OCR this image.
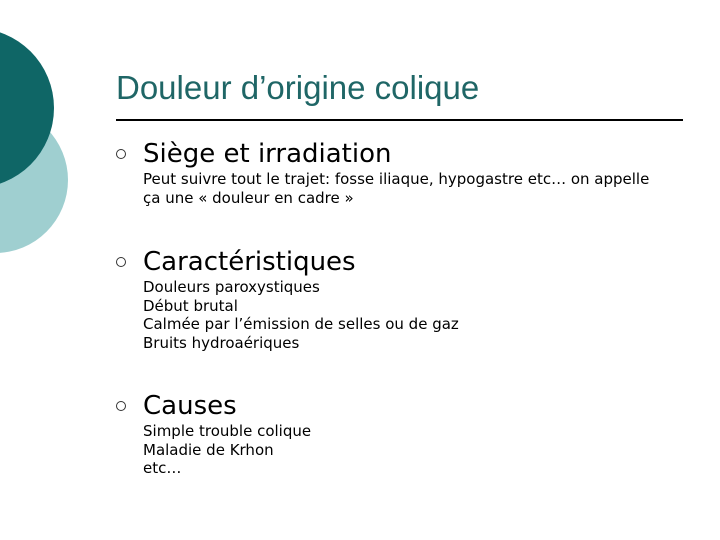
Douleur d’origine colique
Siège et irradiation
Peut suivre tout le trajet: fosse iliaque, hypogastre etc… on appelle ça une « douleur en cadre »
Caractéristiques
Douleurs paroxystiques
Début brutal
Calmée par l’émission de selles ou de gaz
Bruits hydroaériques
Causes
Simple trouble colique
Maladie de Krhon
etc…
